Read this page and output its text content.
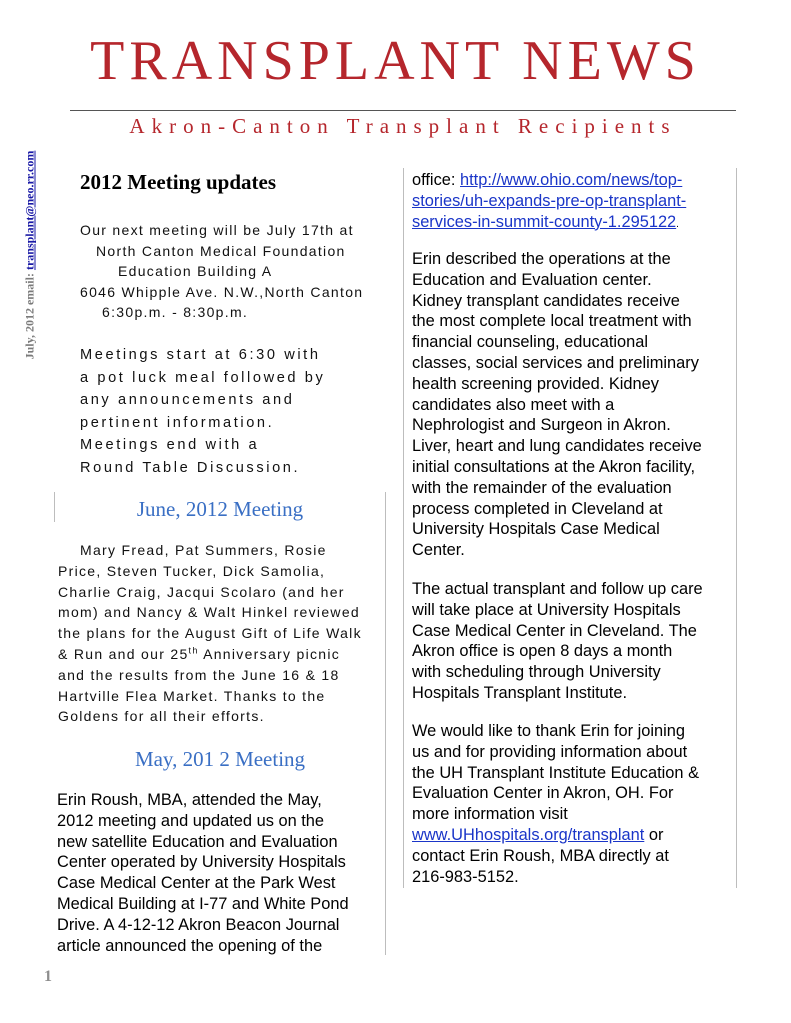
TRANSPLANT NEWS
Akron-Canton Transplant Recipients
July, 2012 email: transplant@neo.rr.com 2012 Meeting updates
Our next meeting will be July 17th at
North Canton Medical Foundation
Education Building A
6046 Whipple Ave. N.W.,North Canton
6:30p.m. - 8:30p.m.
Meetings start at 6:30 with
a pot luck meal followed by
any announcements and
pertinent information.
Meetings end with a
Round Table Discussion.
June, 2012 Meeting
Mary Fread, Pat Summers, Rosie
Price, Steven Tucker, Dick Samolia,
Charlie Craig, Jacqui Scolaro (and her
mom) and Nancy & Walt Hinkel reviewed
the plans for the August Gift of Life Walk
& Run and our 25th Anniversary picnic
and the results from the June 16 & 18
Hartville Flea Market. Thanks to the
Goldens for all their efforts.
May, 201 2 Meeting
Erin Roush, MBA, attended the May,
2012 meeting and updated us on the
new satellite Education and Evaluation
Center operated by University Hospitals
Case Medical Center at the Park West
Medical Building at I-77 and White Pond
Drive. A 4-12-12 Akron Beacon Journal
article announced the opening of the
office: http://www.ohio.com/news/top-
stories/uh-expands-pre-op-transplant-
services-in-summit-county-1.295122.
Erin described the operations at the
Education and Evaluation center.
Kidney transplant candidates receive
the most complete local treatment with
financial counseling, educational
classes, social services and preliminary
health screening provided. Kidney
candidates also meet with a
Nephrologist and Surgeon in Akron.
Liver, heart and lung candidates receive
initial consultations at the Akron facility,
with the remainder of the evaluation
process completed in Cleveland at
University Hospitals Case Medical
Center.
The actual transplant and follow up care
will take place at University Hospitals
Case Medical Center in Cleveland. The
Akron office is open 8 days a month
with scheduling through University
Hospitals Transplant Institute.
We would like to thank Erin for joining
us and for providing information about
the UH Transplant Institute Education &
Evaluation Center in Akron, OH. For
more information visit
www.UHhospitals.org/transplant or
contact Erin Roush, MBA directly at
216-983-5152.
1
